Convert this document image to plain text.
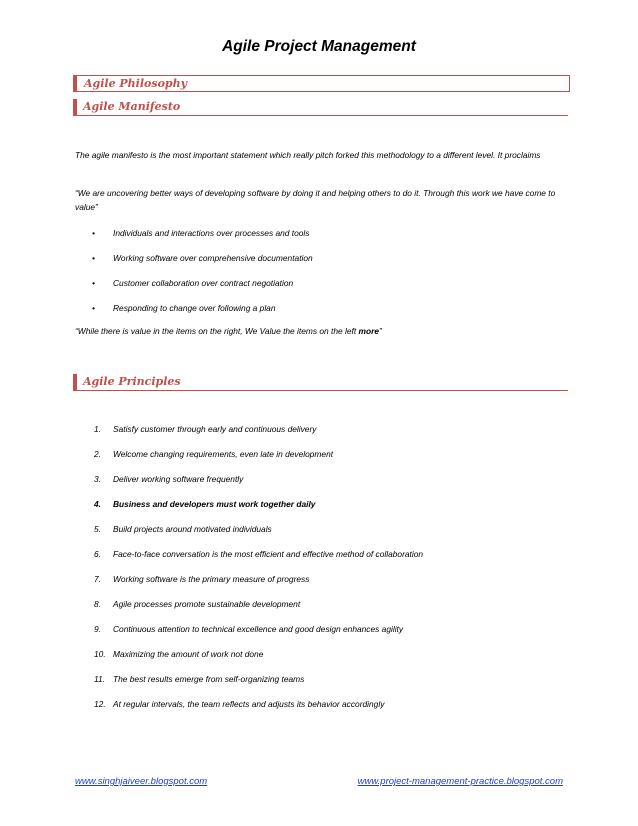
Agile Project Management
Agile Philosophy
Agile Manifesto
The agile manifesto is the most important statement which really pitch forked this methodology to a different level. It proclaims
“We are uncovering better ways of developing software by doing it and helping others to do it. Through this work we have come to value”
• Individuals and interactions over processes and tools
• Working software over comprehensive documentation
• Customer collaboration over contract negotiation
• Responding to change over following a plan
“While there is value in the items on the right, We Value the items on the left more”
Agile Principles
1. Satisfy customer through early and continuous delivery
2. Welcome changing requirements, even late in development
3. Deliver working software frequently
4. Business and developers must work together daily
5. Build projects around motivated individuals
6. Face-to-face conversation is the most efficient and effective method of collaboration
7. Working software is the primary measure of progress
8. Agile processes promote sustainable development
9. Continuous attention to technical excellence and good design enhances agility
10. Maximizing the amount of work not done
11. The best results emerge from self-organizing teams
12. At regular intervals, the team reflects and adjusts its behavior accordingly
www.singhjaiveer.blogspot.com	www.project-management-practice.blogspot.com
